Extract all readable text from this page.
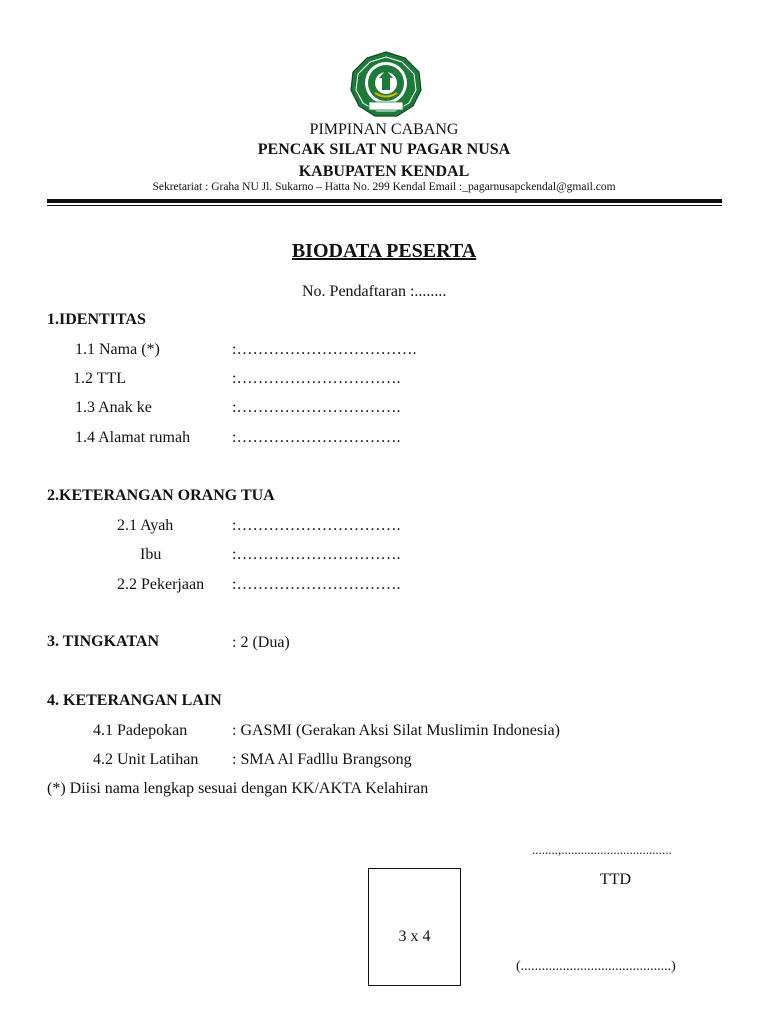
PIMPINAN CABANG
PENCAK SILAT NU PAGAR NUSA
KABUPATEN KENDAL
Sekretariat : Graha NU Jl. Sukarno – Hatta No. 299 Kendal Email :_pagarnusapckendal@gmail.com
BIODATA PESERTA
No. Pendaftaran :........
1.IDENTITAS
1.1 Nama (*)	:…………………………….
1.2 TTL	:………………………….
1.3 Anak ke	:………………………….
1.4 Alamat rumah	:………………………….
2.KETERANGAN ORANG TUA
2.1 Ayah	:………………………….
Ibu	:………………………….
2.2 Pekerjaan :………………………….
3. TINGKATAN	: 2 (Dua)
4. KETERANGAN LAIN
4.1 Padepokan	: GASMI (Gerakan Aksi Silat Muslimin Indonesia)
4.2 Unit Latihan : SMA Al Fadllu Brangsong
(*) Diisi nama lengkap sesuai dengan KK/AKTA Kelahiran
........,..................................
TTD
(...........................................)
3 x 4
